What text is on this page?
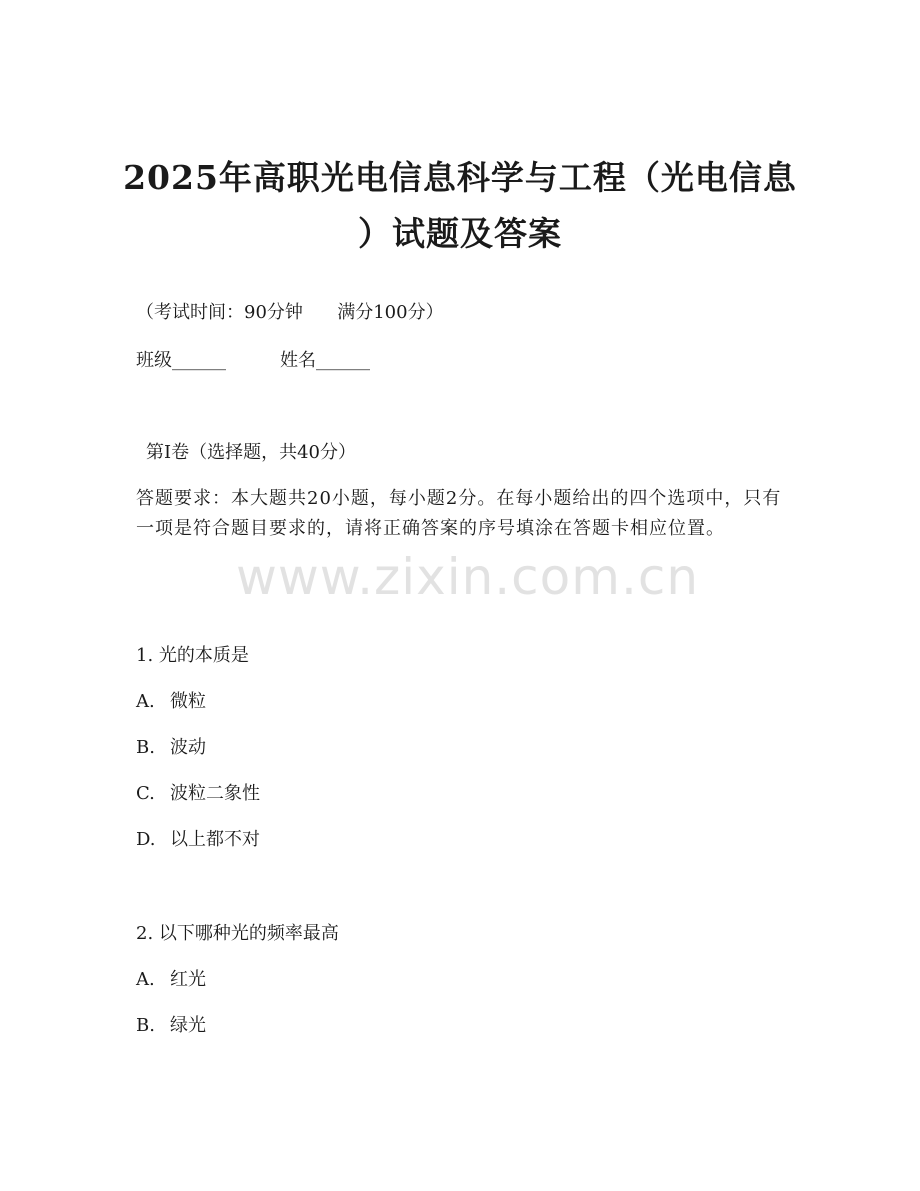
2025年高职光电信息科学与工程（光电信息
）试题及答案
（考试时间：90分钟      满分100分）
班级______	姓名______
第I卷（选择题，共40分）
答题要求：本大题共20小题，每小题2分。在每小题给出的四个选项中，只有一项是符合题目要求的，请将正确答案的序号填涂在答题卡相应位置。
www.zixin.com.cn
1. 光的本质是
A. 微粒
B. 波动
C. 波粒二象性
D. 以上都不对
2. 以下哪种光的频率最高
A. 红光
B. 绿光
